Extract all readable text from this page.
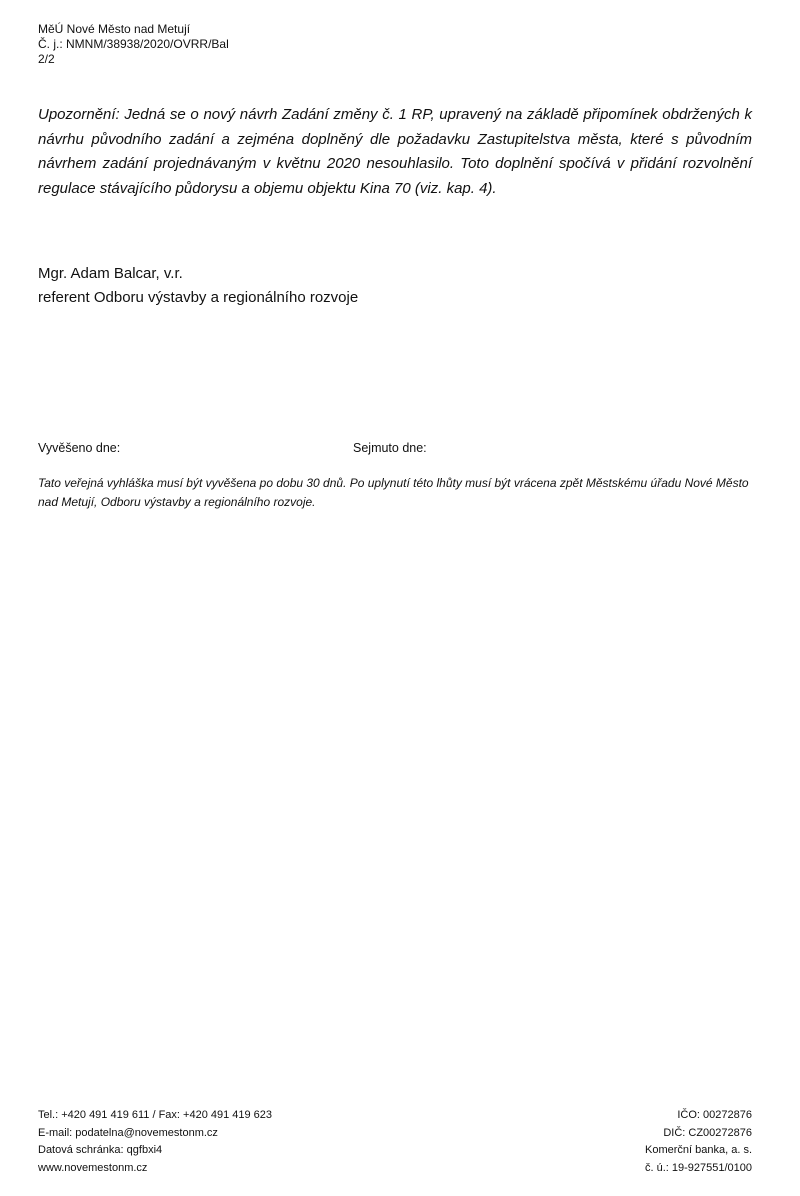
MěÚ Nové Město nad Metují
Č. j.: NMNM/38938/2020/OVRR/Bal
2/2
Upozornění: Jedná se o nový návrh Zadání změny č. 1 RP, upravený na základě připomínek obdržených k návrhu původního zadání a zejména doplněný dle požadavku Zastupitelstva města, které s původním návrhem zadání projednávaným v květnu 2020 nesouhlasilo. Toto doplnění spočívá v přidání rozvolnění regulace stávajícího půdorysu a objemu objektu Kina 70 (viz. kap. 4).
Mgr. Adam Balcar, v.r.
referent Odboru výstavby a regionálního rozvoje
Vyvěšeno dne:	Sejmuto dne:
Tato veřejná vyhláška musí být vyvěšena po dobu 30 dnů. Po uplynutí této lhůty musí být vrácena zpět Městskému úřadu Nové Město nad Metují, Odboru výstavby a regionálního rozvoje.
Tel.: +420 491 419 611 / Fax: +420 491 419 623
E-mail: podatelna@novemestonm.cz
Datová schránka: qgfbxi4
www.novemestonm.cz
IČO: 00272876
DIČ: CZ00272876
Komerční banka, a. s.
č. ú.: 19-927551/0100
